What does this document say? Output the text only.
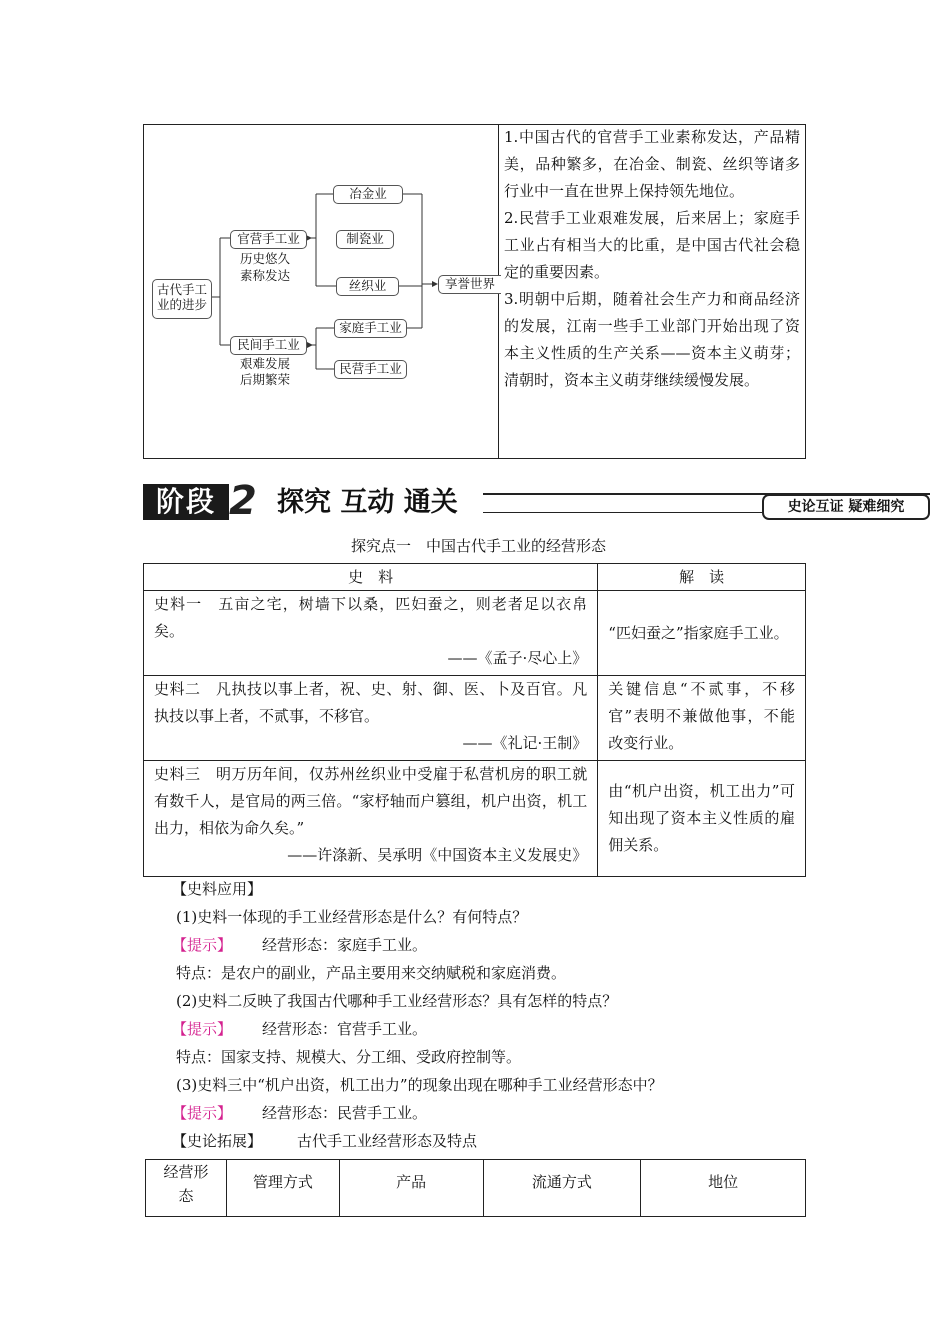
古代手工业的进步
官营手工业
历史悠久
素称发达
冶金业
制瓷业
丝织业	享誉世界
民间手工业
艰难发展
后期繁荣
家庭手工业
民营手工业
1.中国古代的官营手工业素称发达，产品精美，品种繁多，在冶金、制瓷、丝织等诸多行业中一直在世界上保持领先地位。
2.民营手工业艰难发展，后来居上；家庭手工业占有相当大的比重，是中国古代社会稳定的重要因素。
3.明朝中后期，随着社会生产力和商品经济的发展，江南一些手工业部门开始出现了资本主义性质的生产关系——资本主义萌芽；清朝时，资本主义萌芽继续缓慢发展。
阶段 2 探究 互动 通关	史论互证 疑难细究
探究点一　中国古代手工业的经营形态
史　料	解　读

史料一　五亩之宅，树墙下以桑，匹妇蚕之，则老者足以衣帛矣。
——《孟子·尽心上》	“匹妇蚕之”指家庭手工业。

史料二　凡执技以事上者，祝、史、射、御、医、卜及百官。凡执技以事上者，不贰事，不移官。
——《礼记·王制》	关键信息“不贰事，不移官”表明不兼做他事，不能改变行业。

史料三　明万历年间，仅苏州丝织业中受雇于私营机房的职工就有数千人，是官局的两三倍。“家杼轴而户篡组，机户出资，机工出力，相依为命久矣。”
——许涤新、吴承明《中国资本主义发展史》	由“机户出资，机工出力”可知出现了资本主义性质的雇佣关系。
【史料应用】
(1)史料一体现的手工业经营形态是什么？有何特点？
【提示】 经营形态：家庭手工业。
特点：是农户的副业，产品主要用来交纳赋税和家庭消费。
(2)史料二反映了我国古代哪种手工业经营形态？具有怎样的特点？
【提示】 经营形态：官营手工业。
特点：国家支持、规模大、分工细、受政府控制等。
(3)史料三中“机户出资，机工出力”的现象出现在哪种手工业经营形态中？
【提示】 经营形态：民营手工业。
【史论拓展】 古代手工业经营形态及特点
经营形态	管理方式	产品	流通方式	地位
